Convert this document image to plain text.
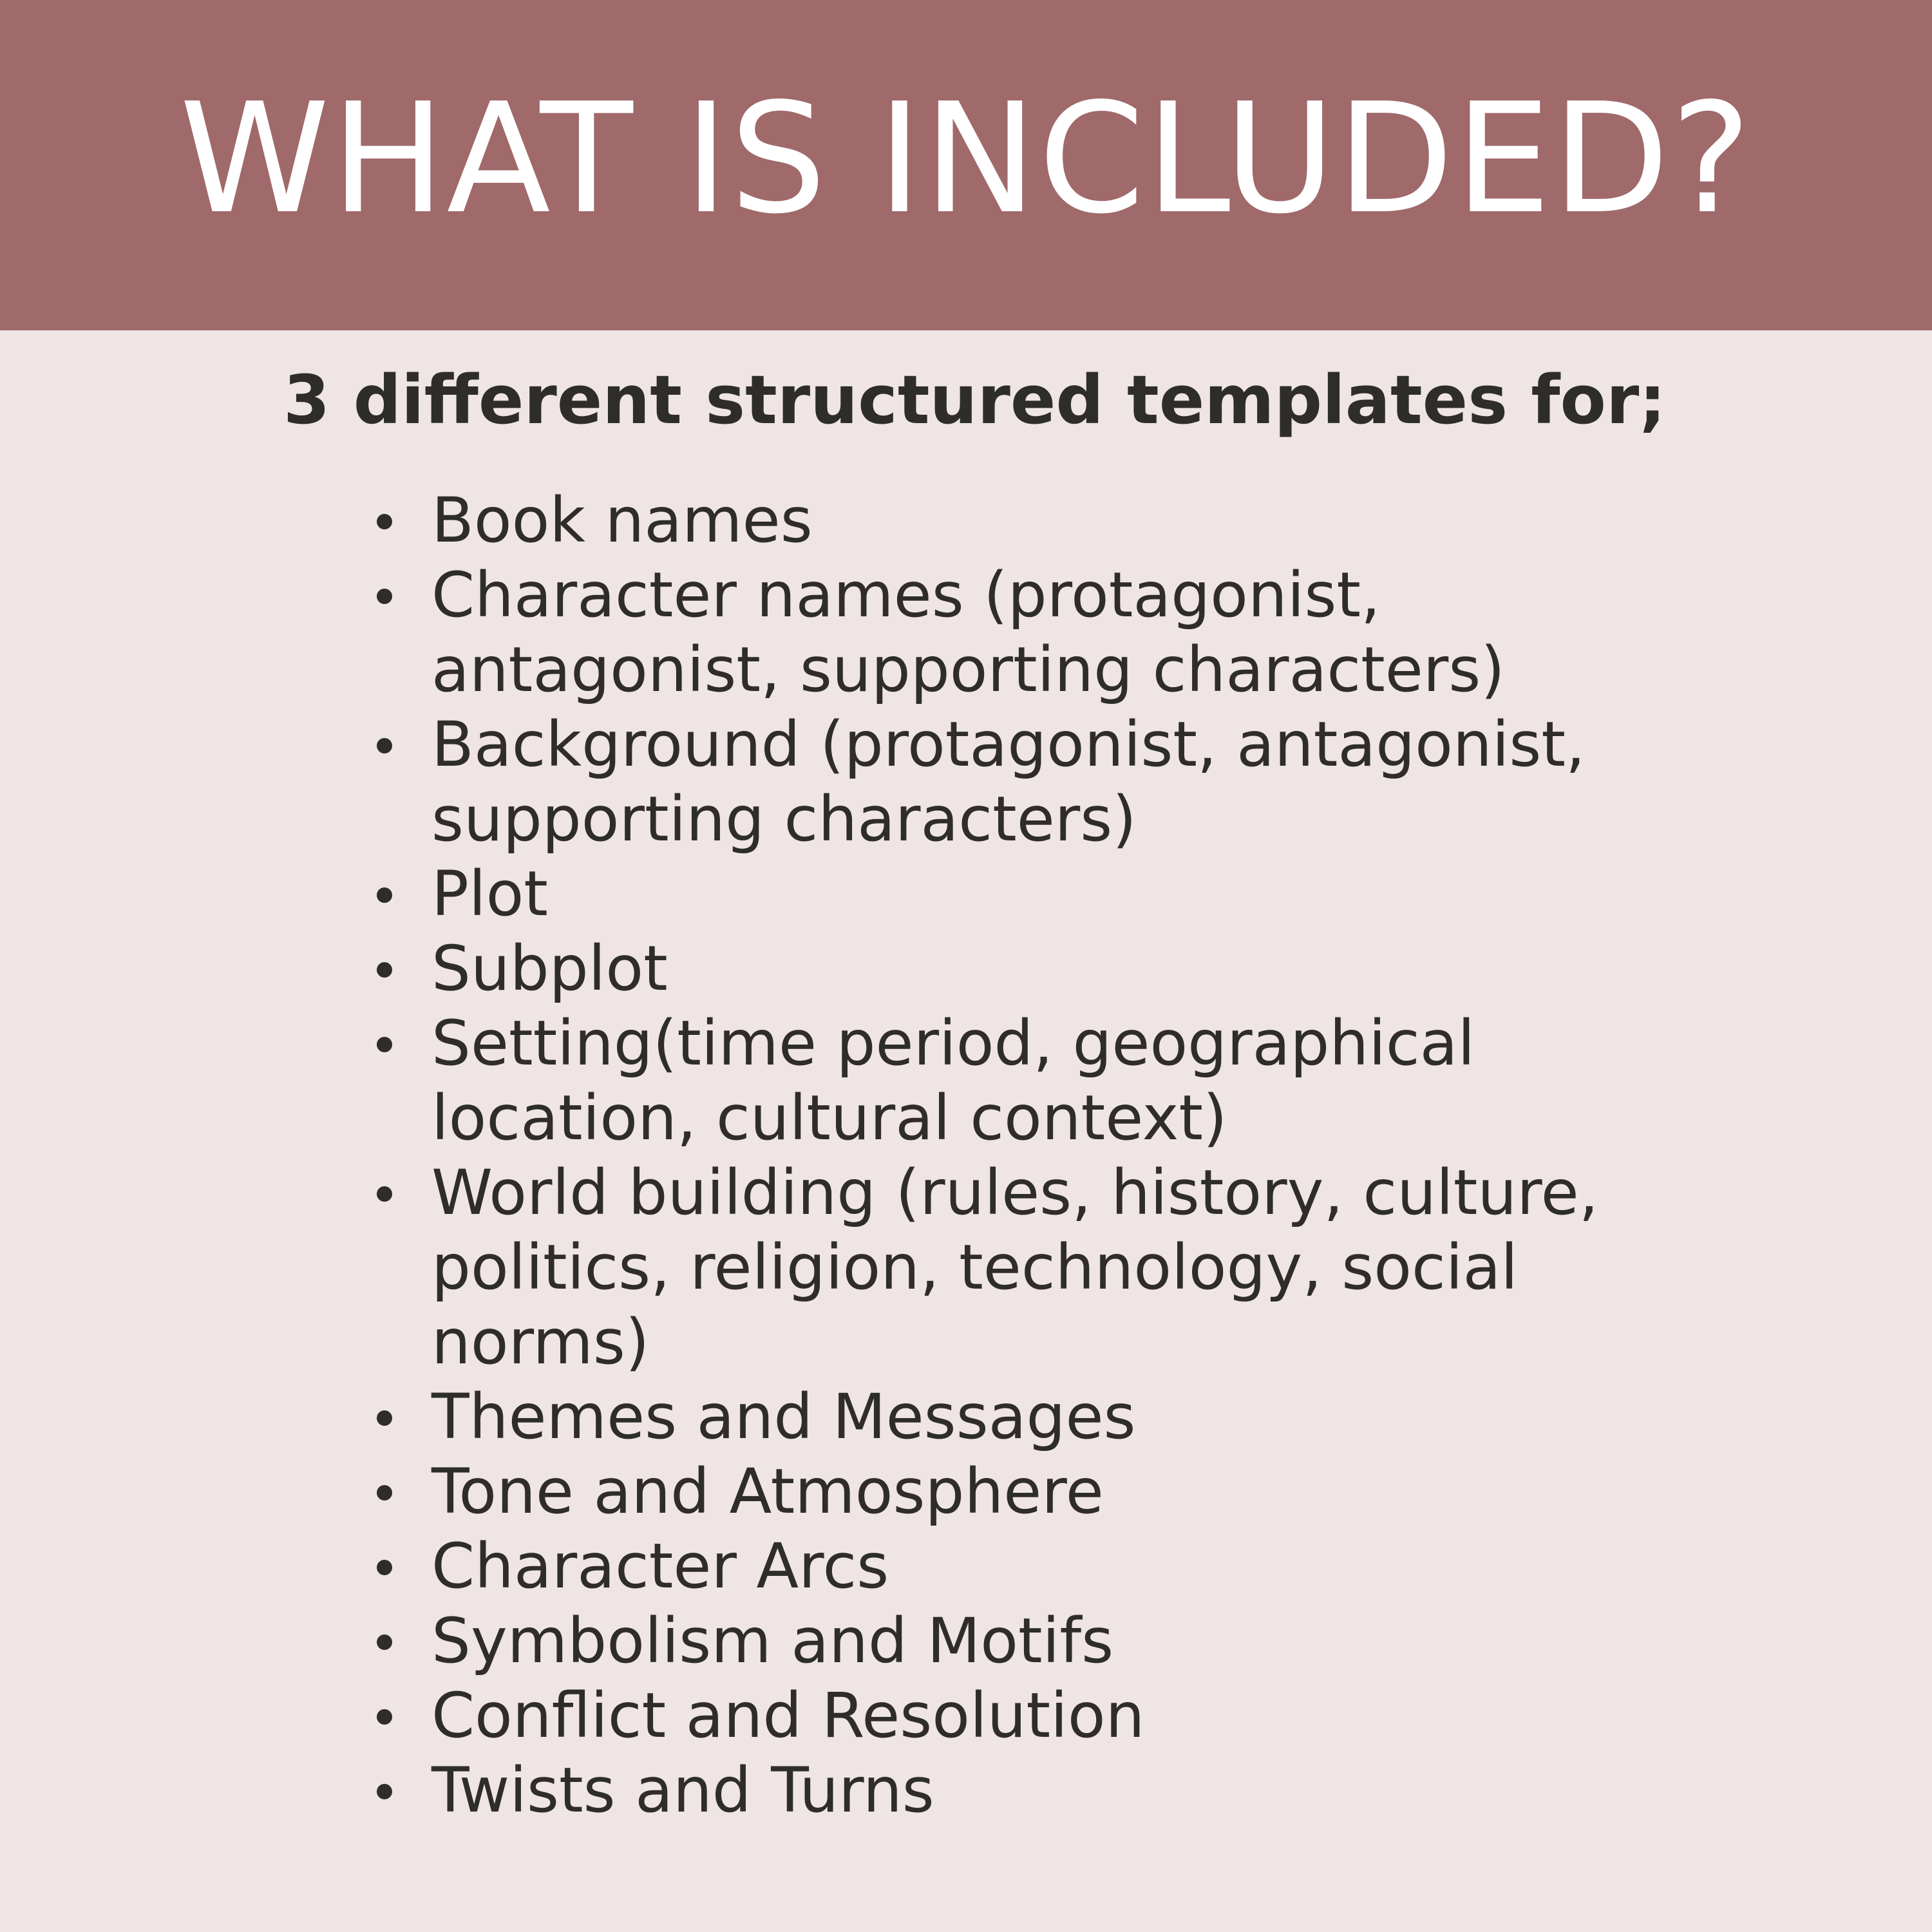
WHAT IS INCLUDED?
3 different structured templates for;
Book names
Character names (protagonist,
antagonist, supporting characters)
Background (protagonist, antagonist,
supporting characters)
Plot
Subplot
Setting(time period, geographical
location, cultural context)
World building (rules, history, culture,
politics, religion, technology, social
norms)
Themes and Messages
Tone and Atmosphere
Character Arcs
Symbolism and Motifs
Conflict and Resolution
Twists and Turns
